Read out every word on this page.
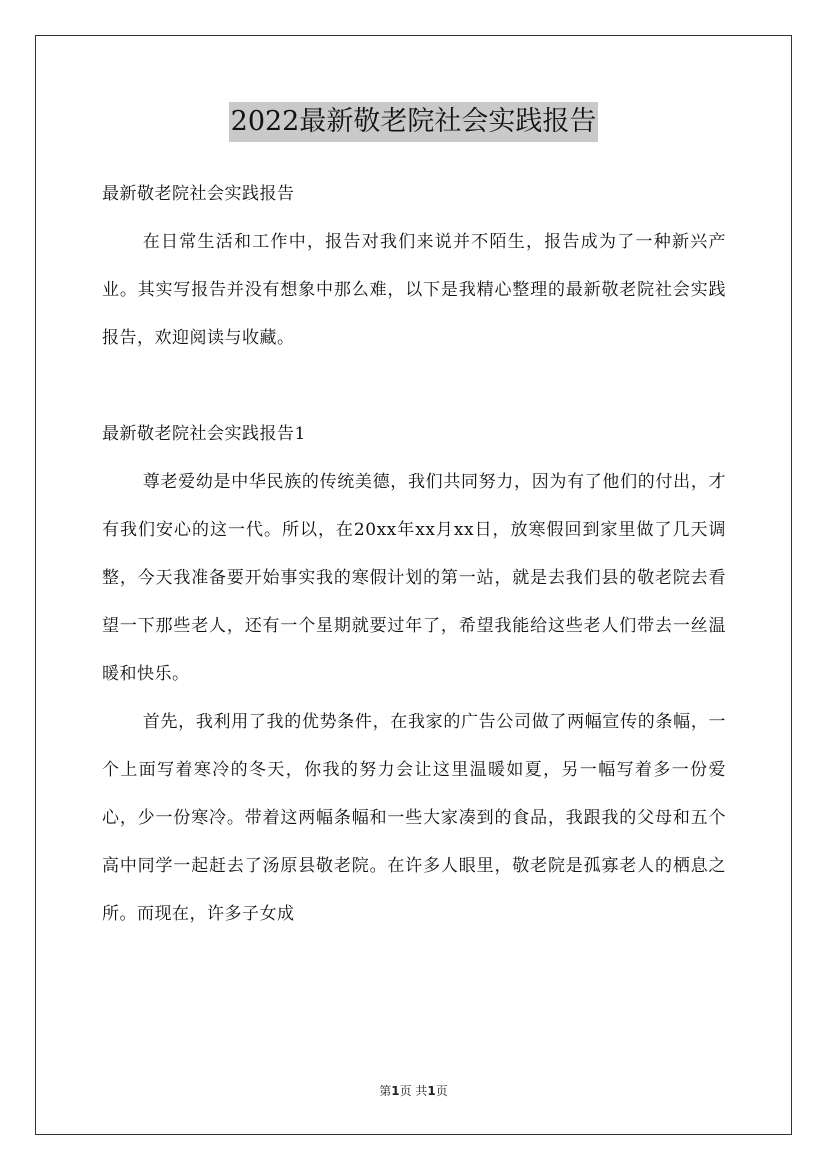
2022最新敬老院社会实践报告

最新敬老院社会实践报告

在日常生活和工作中，报告对我们来说并不陌生，报告成为了一种新兴产业。其实写报告并没有想象中那么难，以下是我精心整理的最新敬老院社会实践报告，欢迎阅读与收藏。

最新敬老院社会实践报告1

尊老爱幼是中华民族的传统美德，我们共同努力，因为有了他们的付出，才有我们安心的这一代。所以，在20xx年xx月xx日，放寒假回到家里做了几天调整，今天我准备要开始事实我的寒假计划的第一站，就是去我们县的敬老院去看望一下那些老人，还有一个星期就要过年了，希望我能给这些老人们带去一丝温暖和快乐。

首先，我利用了我的优势条件，在我家的广告公司做了两幅宣传的条幅，一个上面写着寒冷的冬天，你我的努力会让这里温暖如夏，另一幅写着多一份爱心，少一份寒冷。带着这两幅条幅和一些大家凑到的食品，我跟我的父母和五个高中同学一起赶去了汤原县敬老院。在许多人眼里，敬老院是孤寡老人的栖息之所。而现在，许多子女成

第1页 共1页
